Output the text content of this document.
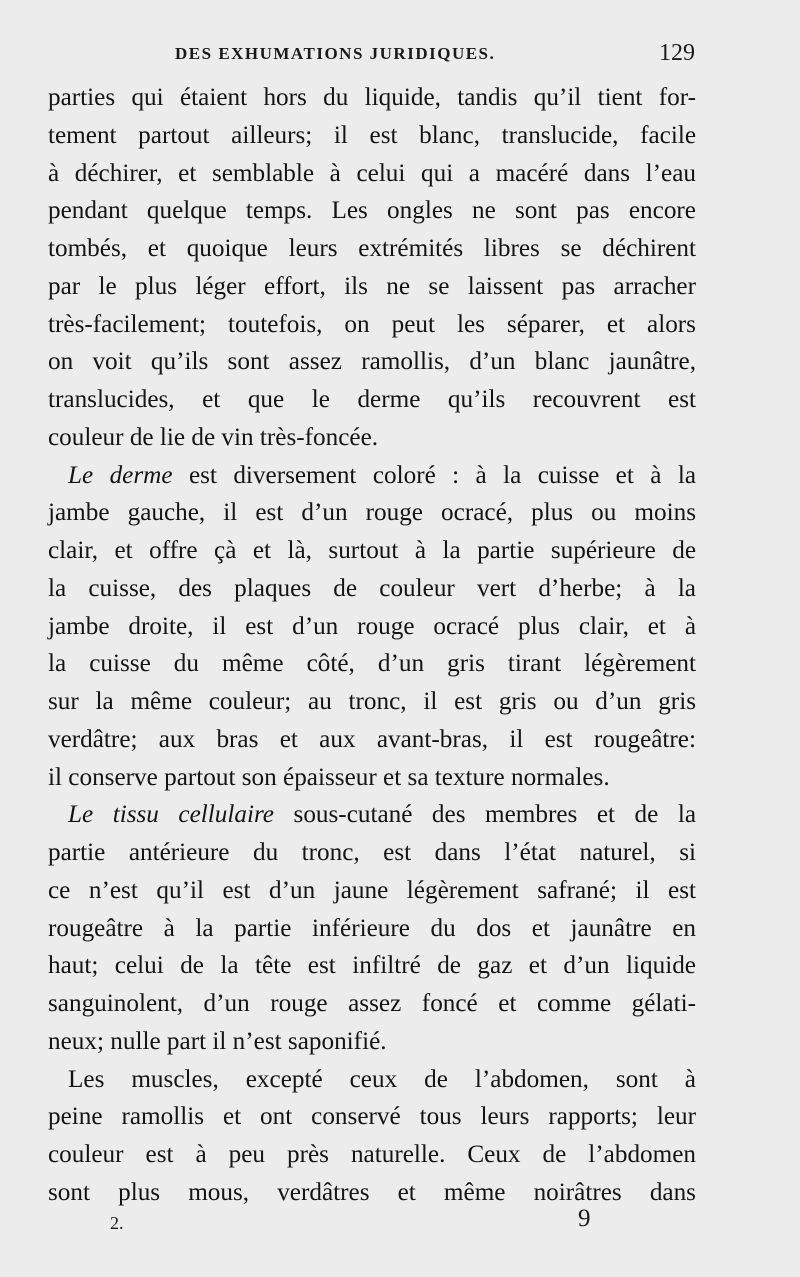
DES EXHUMATIONS JURIDIQUES.	129

parties qui étaient hors du liquide, tandis qu’il tient for-
tement partout ailleurs; il est blanc, translucide, facile
à déchirer, et semblable à celui qui a macéré dans l’eau
pendant quelque temps. Les ongles ne sont pas encore
tombés, et quoique leurs extrémités libres se déchirent
par le plus léger effort, ils ne se laissent pas arracher
très-facilement; toutefois, on peut les séparer, et alors
on voit qu’ils sont assez ramollis, d’un blanc jaunâtre,
translucides, et que le derme qu’ils recouvrent est
couleur de lie de vin très-foncée.

Le derme est diversement coloré : à la cuisse et à la
jambe gauche, il est d’un rouge ocracé, plus ou moins
clair, et offre çà et là, surtout à la partie supérieure de
la cuisse, des plaques de couleur vert d’herbe; à la
jambe droite, il est d’un rouge ocracé plus clair, et à
la cuisse du même côté, d’un gris tirant légèrement
sur la même couleur; au tronc, il est gris ou d’un gris
verdâtre; aux bras et aux avant-bras, il est rougeâtre:
il conserve partout son épaisseur et sa texture normales.

Le tissu cellulaire sous-cutané des membres et de la
partie antérieure du tronc, est dans l’état naturel, si
ce n’est qu’il est d’un jaune légèrement safrané; il est
rougeâtre à la partie inférieure du dos et jaunâtre en
haut; celui de la tête est infiltré de gaz et d’un liquide
sanguinolent, d’un rouge assez foncé et comme gélati-
neux; nulle part il n’est saponifié.

Les muscles, excepté ceux de l’abdomen, sont à
peine ramollis et ont conservé tous leurs rapports; leur
couleur est à peu près naturelle. Ceux de l’abdomen
sont plus mous, verdâtres et même noirâtres dans

2.	9
